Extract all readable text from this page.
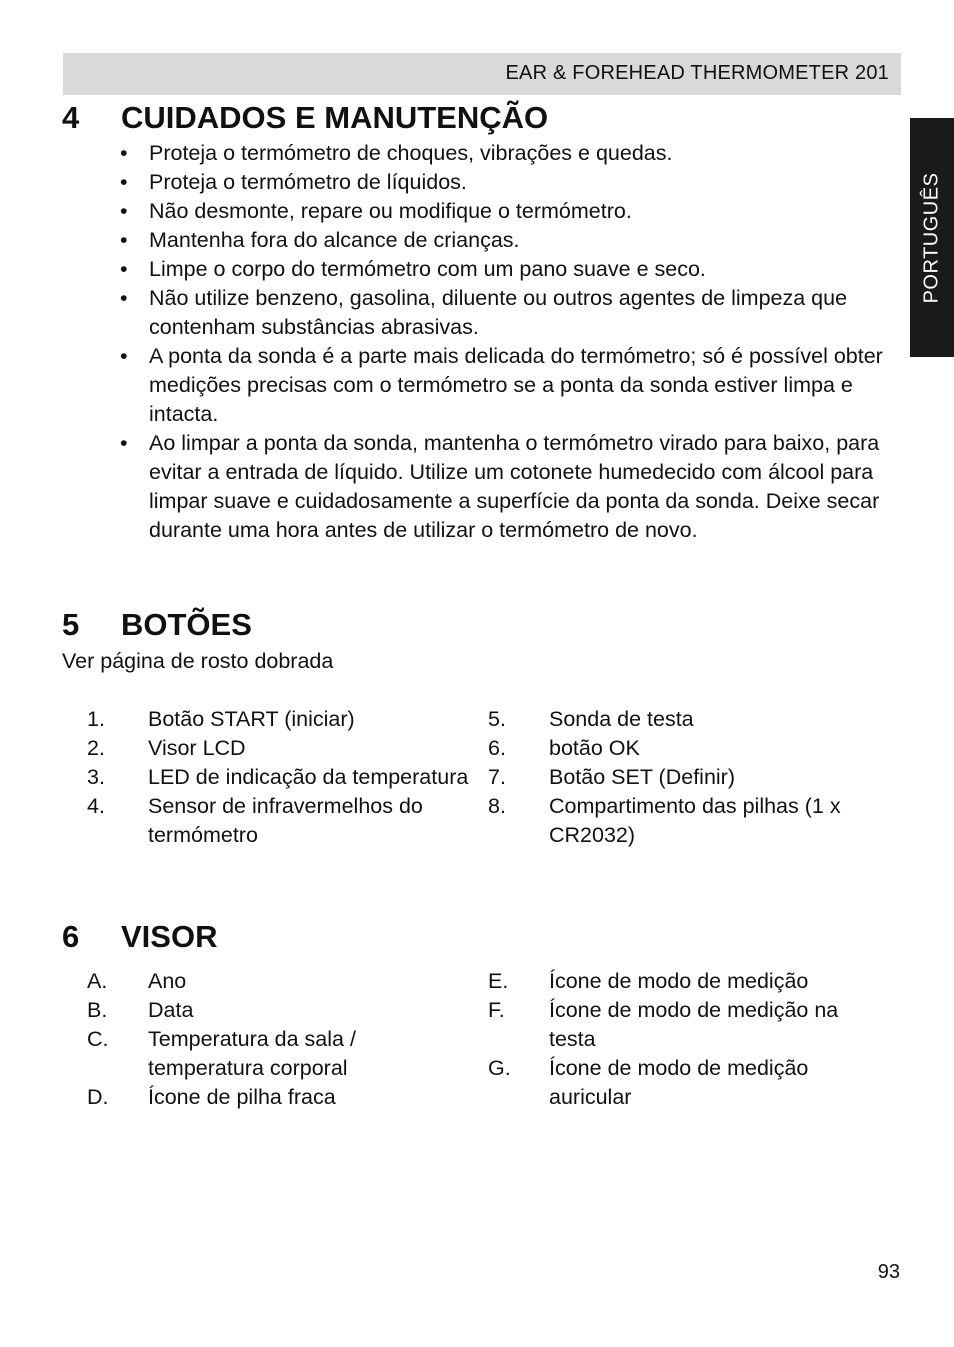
EAR & FOREHEAD THERMOMETER 201
PORTUGUÊS
4 CUIDADOS E MANUTENÇÃO
• Proteja o termómetro de choques, vibrações e quedas.
• Proteja o termómetro de líquidos.
• Não desmonte, repare ou modifique o termómetro.
• Mantenha fora do alcance de crianças.
• Limpe o corpo do termómetro com um pano suave e seco.
• Não utilize benzeno, gasolina, diluente ou outros agentes de limpeza que contenham substâncias abrasivas.
• A ponta da sonda é a parte mais delicada do termómetro; só é possível obter medições precisas com o termómetro se a ponta da sonda estiver limpa e intacta.
• Ao limpar a ponta da sonda, mantenha o termómetro virado para baixo, para evitar a entrada de líquido. Utilize um cotonete humedecido com álcool para limpar suave e cuidadosamente a superfície da ponta da sonda. Deixe secar durante uma hora antes de utilizar o termómetro de novo.
5 BOTÕES

Ver página de rosto dobrada

1. Botão START (iniciar)
2. Visor LCD
3. LED de indicação da temperatura
4. Sensor de infravermelhos do termómetro
5. Sonda de testa
6. botão OK
7. Botão SET (Definir)
8. Compartimento das pilhas (1 x CR2032)
6 VISOR
A. Ano
B. Data
C. Temperatura da sala / temperatura corporal
D. Ícone de pilha fraca
E. Ícone de modo de medição
F. Ícone de modo de medição na testa
G. Ícone de modo de medição auricular
93
